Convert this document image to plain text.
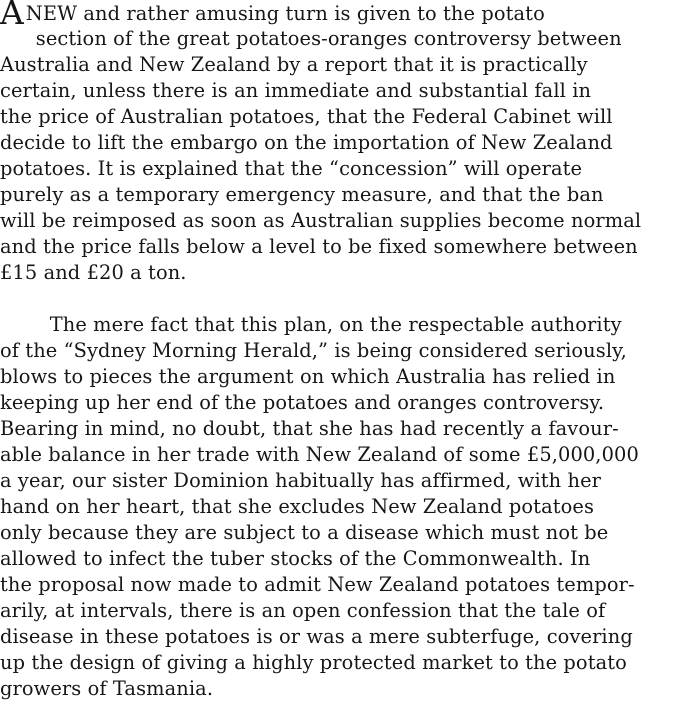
ANEW and rather amusing turn is given to the potato
section of the great potatoes-oranges controversy between
Australia and New Zealand by a report that it is practically
certain, unless there is an immediate and substantial fall in
the price of Australian potatoes, that the Federal Cabinet will
decide to lift the embargo on the importation of New Zealand
potatoes. It is explained that the “concession” will operate
purely as a temporary emergency measure, and that the ban
will be reimposed as soon as Australian supplies become normal
and the price falls below a level to be fixed somewhere between
£15 and £20 a ton.
The mere fact that this plan, on the respectable authority
of the “Sydney Morning Herald,” is being considered seriously,
blows to pieces the argument on which Australia has relied in
keeping up her end of the potatoes and oranges controversy.
Bearing in mind, no doubt, that she has had recently a favour-
able balance in her trade with New Zealand of some £5,000,000
a year, our sister Dominion habitually has affirmed, with her
hand on her heart, that she excludes New Zealand potatoes
only because they are subject to a disease which must not be
allowed to infect the tuber stocks of the Commonwealth. In
the proposal now made to admit New Zealand potatoes tempor-
arily, at intervals, there is an open confession that the tale of
disease in these potatoes is or was a mere subterfuge, covering
up the design of giving a highly protected market to the potato
growers of Tasmania.
